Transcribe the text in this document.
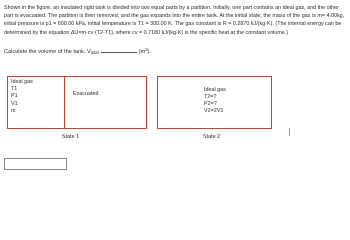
Shown in the figure, an insulated rigid tank is divided into two equal parts by a partition. Initially, one part contains an ideal gas, and the other part is evacuated. The partition is then removed, and the gas expands into the entire tank. At the initial state, the mass of the gas is m= 4.00kg, initial pressure is p1 = 600.00 kPa, initial temperature is T1 = 300.00 K. The gas constant is R = 0.2870 kJ/(kg·K). (The internal energy can be determined by the equation ΔU=m·cv·(T2-T1), where cv = 0.7180 kJ/(kg·K) is the specific heat at the constant volume.)

Calculate the volume of the tank, $V_{total}$	$(m^3)$.
Ideal gas
T1
P1
V1
m
Evacuated
Ideal gas
T2=?
P2=?
V2=2V1
State 1	State 2
